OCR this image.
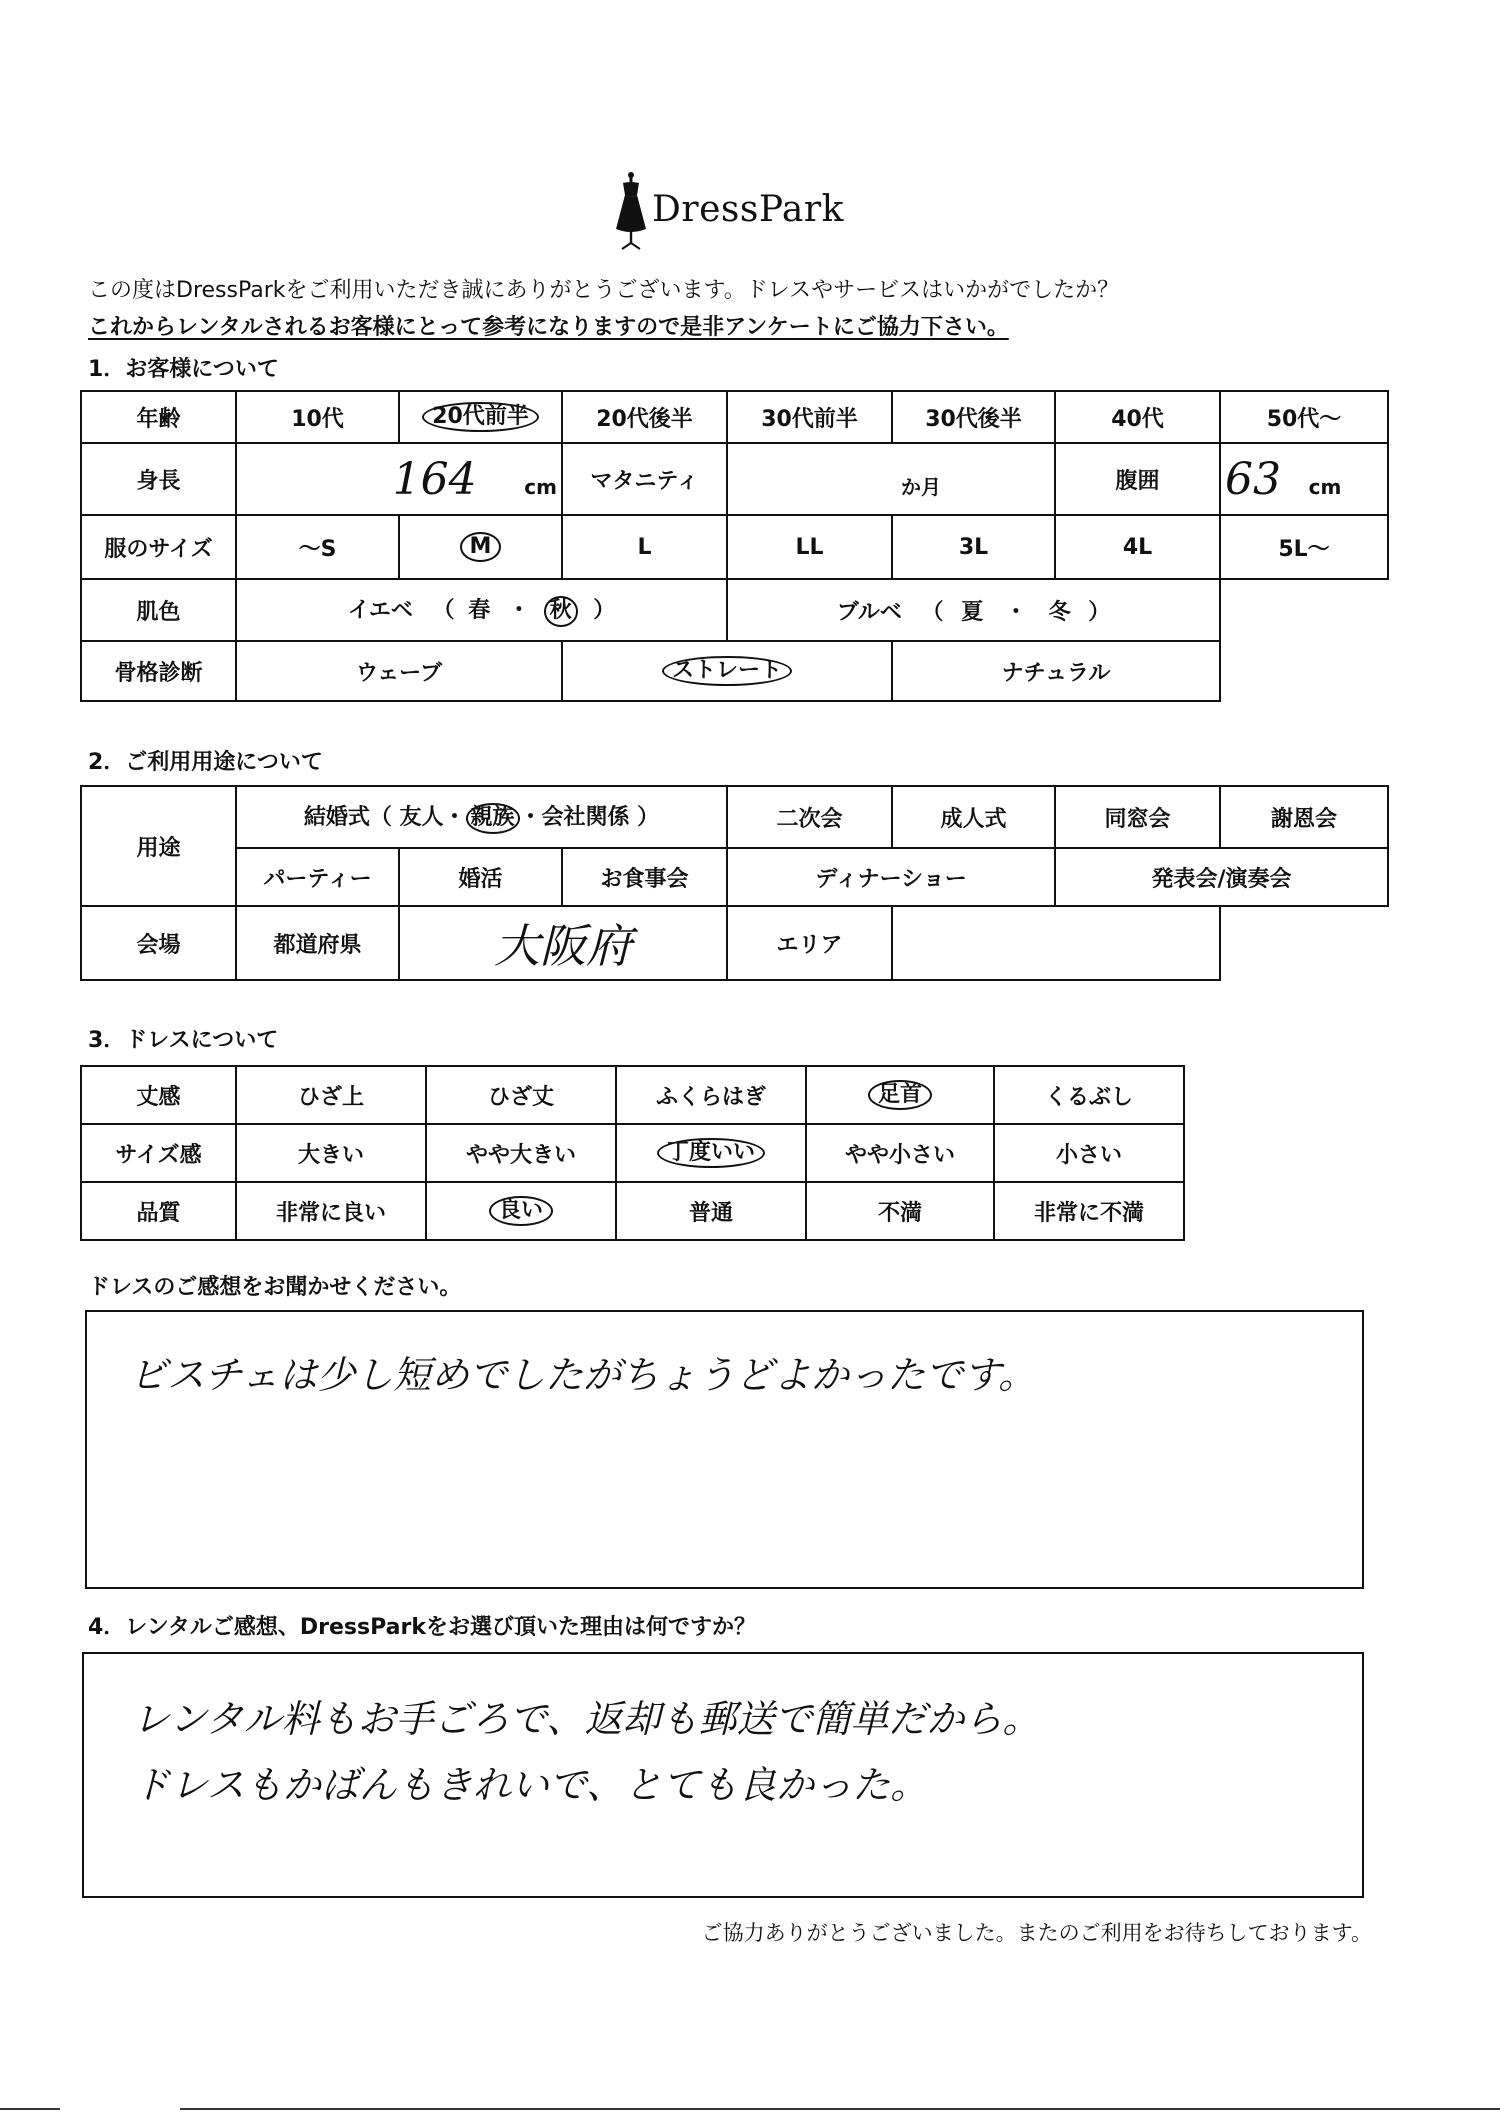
DressPark
この度はDressParkをご利用いただき誠にありがとうございます。ドレスやサービスはいかがでしたか？
これからレンタルされるお客様にとって参考になりますので是非アンケートにご協力下さい。
1．お客様について
年齢	10代	20代前半	20代後半	30代前半	30代後半	40代	50代～
身長	164 cm		マタニティ	か月		腹囲	63 cm
服のサイズ	～S	M	L	LL	3L	4L	5L～
肌色	イエベ （ 春 ・ 秋 ）			ブルベ （ 夏 ・ 冬 ）			
骨格診断	ウェーブ		ストレート		ナチュラル		
2．ご利用用途について
用途	結婚式（ 友人・ 親族 ・会社関係 ）			二次会	成人式	同窓会	謝恩会
	パーティー	婚活	お食事会	ディナーショー		発表会/演奏会	
会場	都道府県	大阪府		エリア			
3．ドレスについて
丈感	ひざ上	ひざ丈	ふくらはぎ	足首	くるぶし
サイズ感	大きい	やや大きい	丁度いい	やや小さい	小さい
品質	非常に良い	良い	普通	不満	非常に不満
ドレスのご感想をお聞かせください。
ビスチェは少し短めでしたがちょうどよかったです。
4．レンタルご感想、DressParkをお選び頂いた理由は何ですか？
レンタル料もお手ごろで、返却も郵送で簡単だから。
ドレスもかばんもきれいで、とても良かった。
ご協力ありがとうございました。またのご利用をお待ちしております。
